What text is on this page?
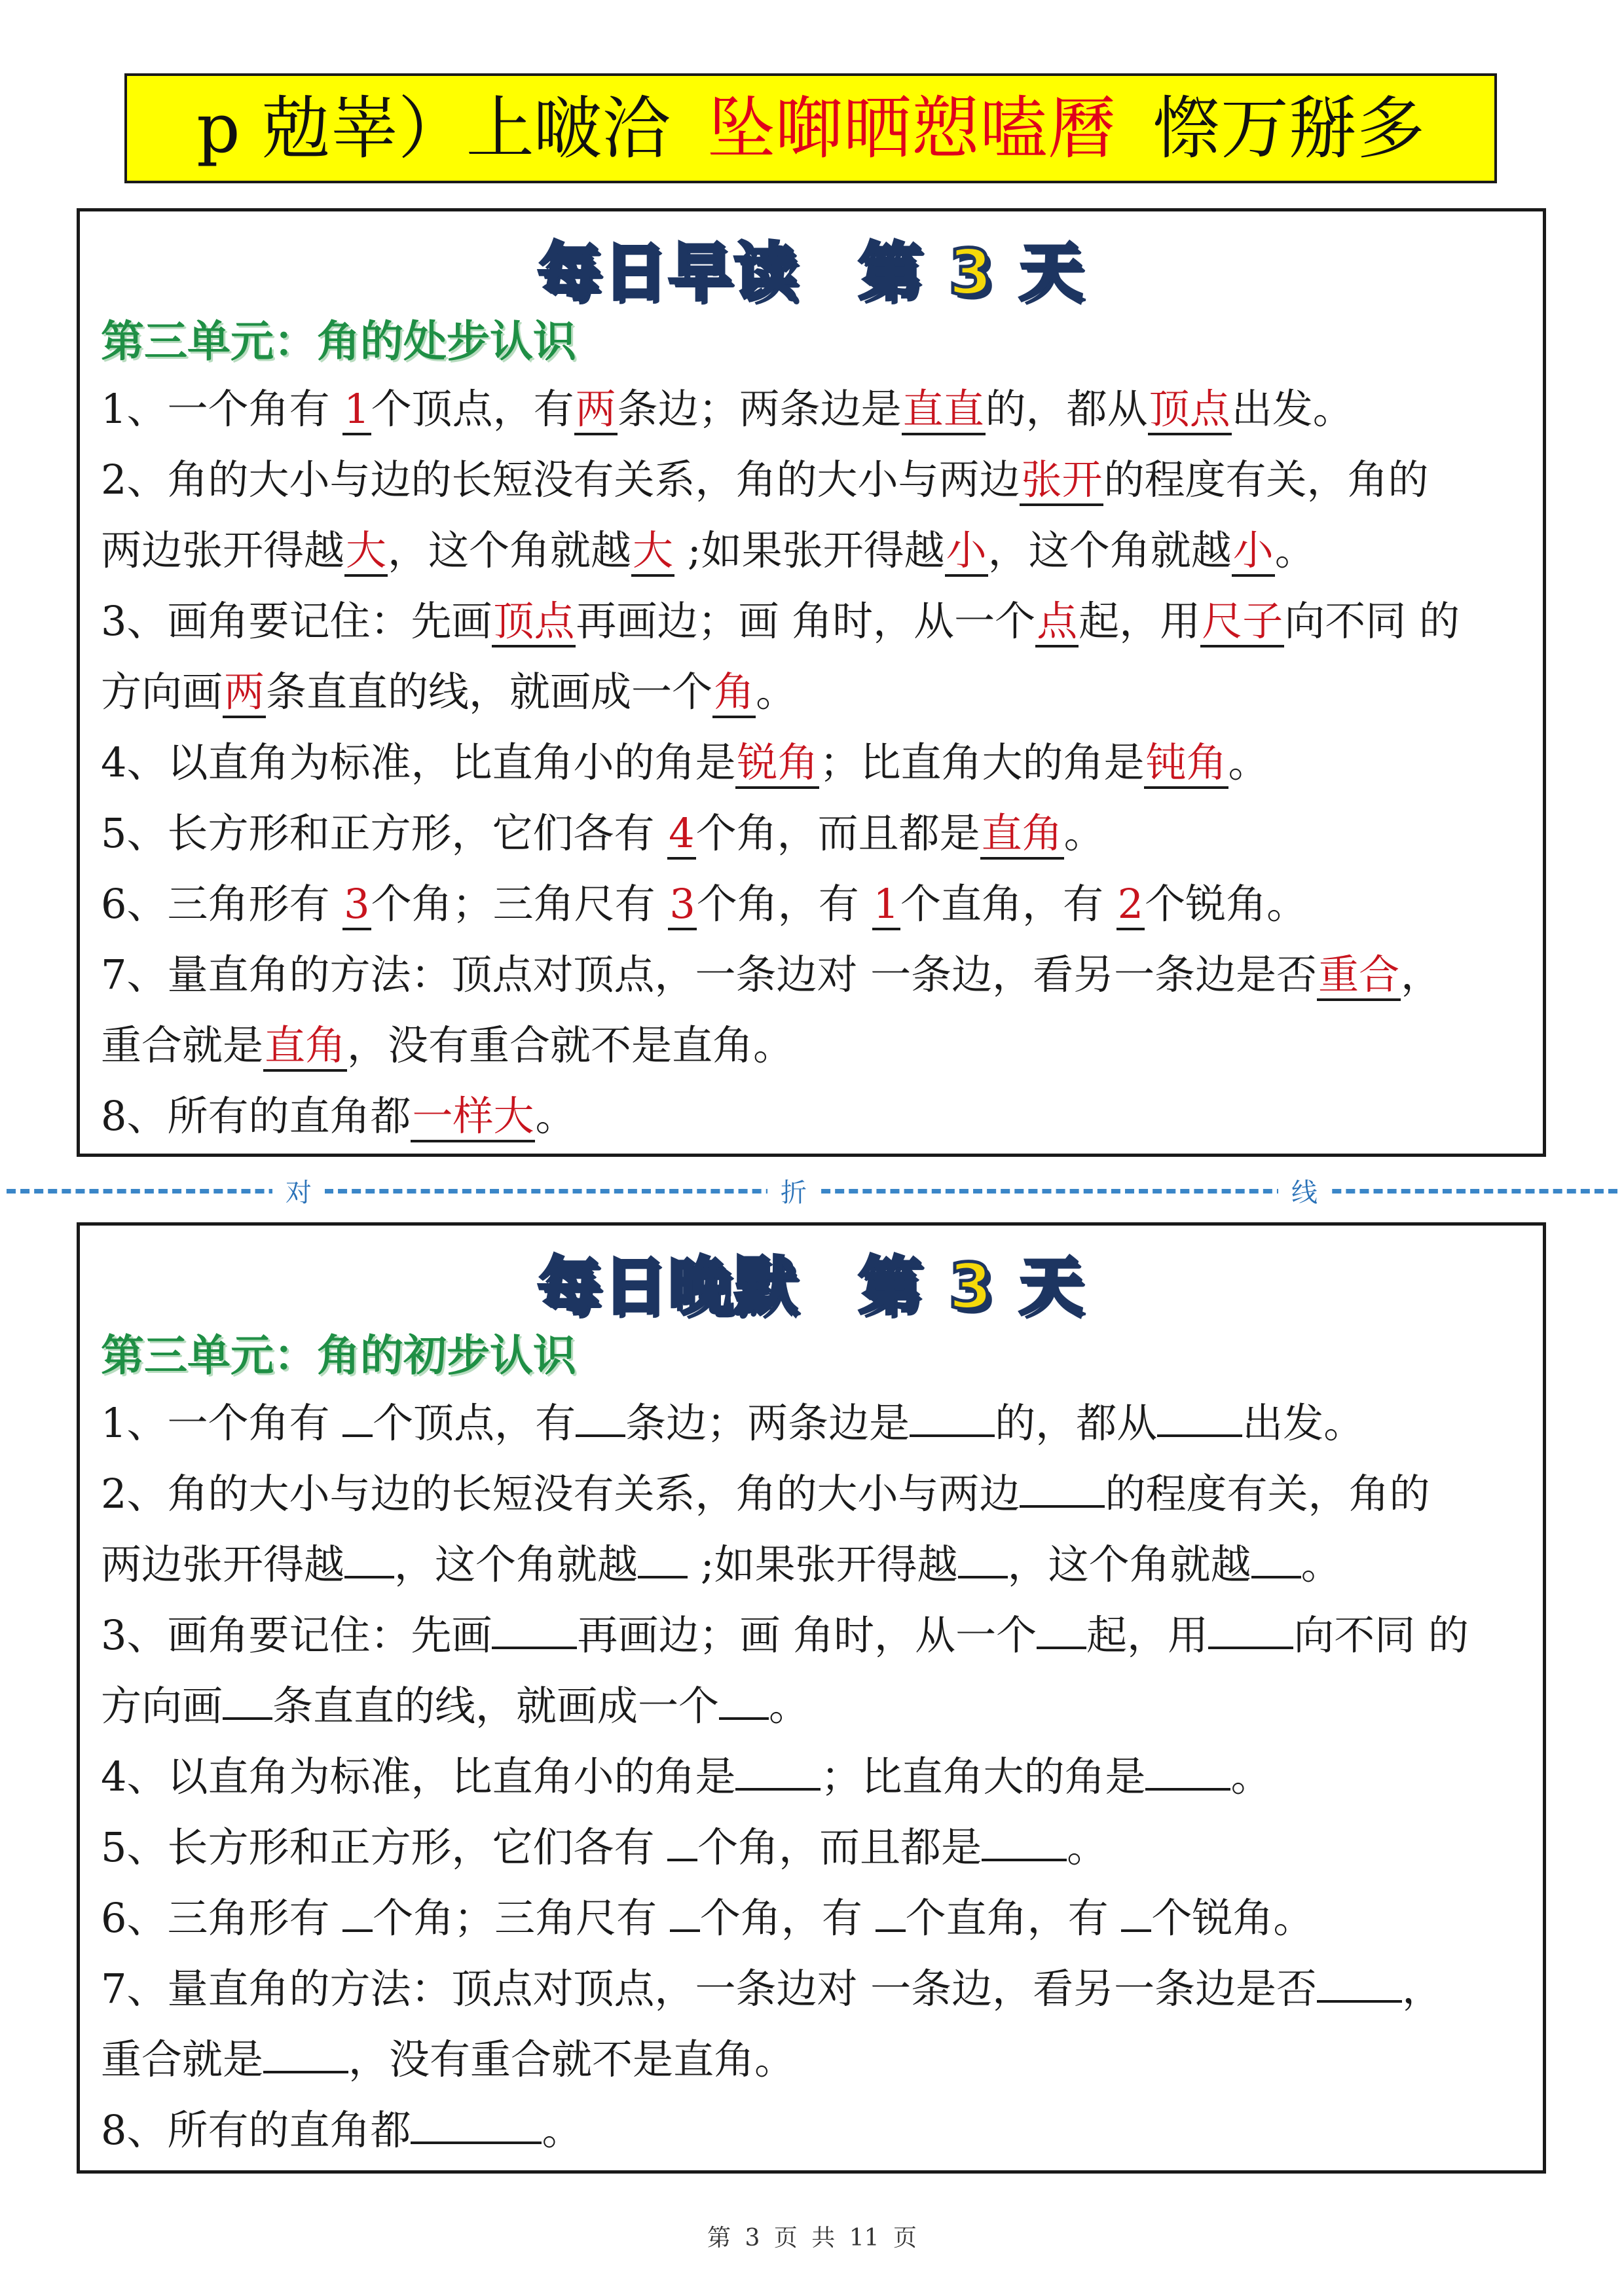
p 勊峷）上啵洽 坠啣晒愬嗑曆 憏万掰多
每日早读 第 3 天
第三单元：角的处步认识
1、一个角有 1个顶点，有两条边；两条边是直直的，都从顶点出发。
2、角的大小与边的长短没有关系，角的大小与两边张开的程度有关，角的
两边张开得越大，这个角就越大 ;如果张开得越小，这个角就越小。
3、画角要记住：先画顶点再画边；画 角时，从一个点起，用尺子向不同 的
方向画两条直直的线，就画成一个角。
4、以直角为标准，比直角小的角是锐角；比直角大的角是钝角。
5、长方形和正方形，它们各有 4个角，而且都是直角。
6、三角形有 3个角；三角尺有 3个角，有 1个直角，有 2个锐角。
7、量直角的方法：顶点对顶点，一条边对 一条边，看另一条边是否重合，
重合就是直角，没有重合就不是直角。
8、所有的直角都一样大。
对	折	线
每日晚默 第 3 天
第三单元：角的初步认识
1、一个角有 个顶点，有 条边；两条边是 的，都从 出发。
2、角的大小与边的长短没有关系，角的大小与两边 的程度有关，角的
两边张开得越 ，这个角就越 ;如果张开得越 ，这个角就越 。
3、画角要记住：先画 再画边；画 角时，从一个 起，用 向不同 的
方向画 条直直的线，就画成一个 。
4、以直角为标准，比直角小的角是 ；比直角大的角是 。
5、长方形和正方形，它们各有 个角，而且都是 。
6、三角形有 个角；三角尺有 个角，有 个直角，有 个锐角。
7、量直角的方法：顶点对顶点，一条边对 一条边，看另一条边是否 ，
重合就是 ，没有重合就不是直角。
8、所有的直角都	。
第 3 页 共 11 页
